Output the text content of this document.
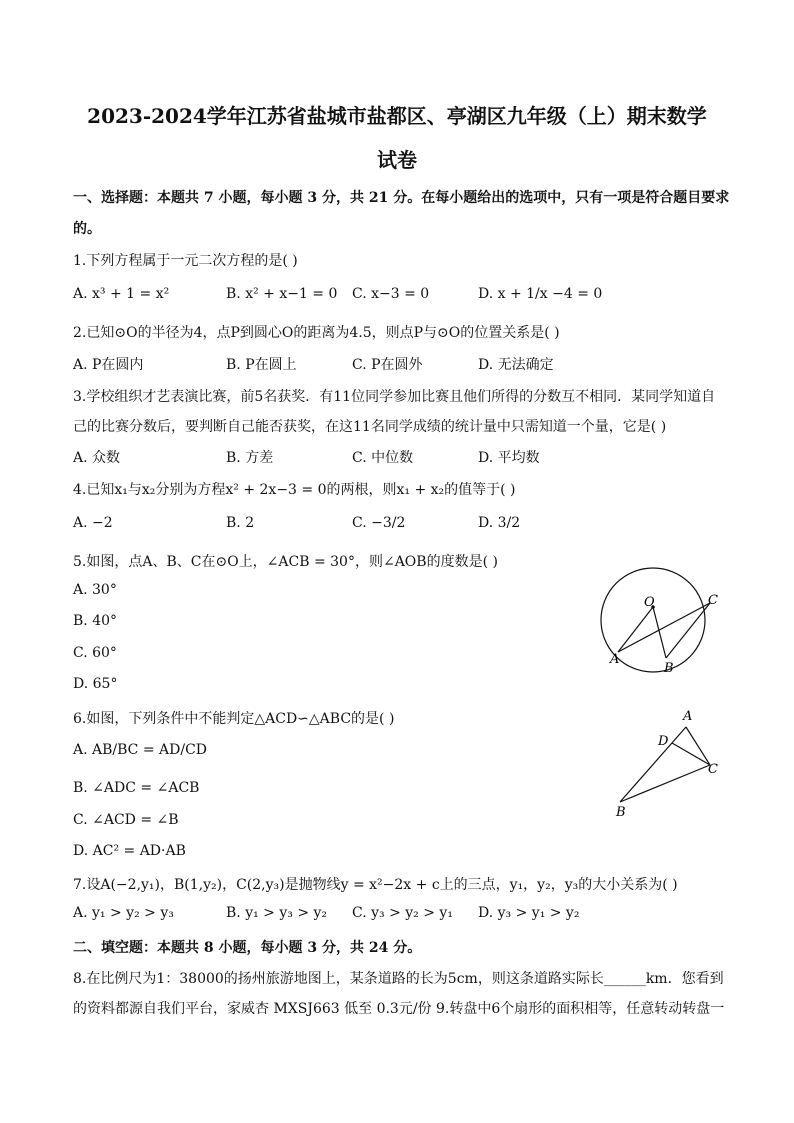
2023-2024学年江苏省盐城市盐都区、亭湖区九年级（上）期末数学
试卷
一、选择题：本题共 7 小题，每小题 3 分，共 21 分。在每小题给出的选项中，只有一项是符合题目要求
的。
1.下列方程属于一元二次方程的是( )
A. x³ + 1 = x²	B. x² + x−1 = 0 C. x−3 = 0	D. x + 1/x −4 = 0
2.已知⊙O的半径为4，点P到圆心O的距离为4.5，则点P与⊙O的位置关系是( )
A. P在圆内	B. P在圆上	C. P在圆外	D. 无法确定
3.学校组织才艺表演比赛，前5名获奖．有11位同学参加比赛且他们所得的分数互不相同．某同学知道自
己的比赛分数后，要判断自己能否获奖，在这11名同学成绩的统计量中只需知道一个量，它是( )
A. 众数	B. 方差	C. 中位数	D. 平均数
4.已知x₁与x₂分别为方程x² + 2x−3 = 0的两根，则x₁ + x₂的值等于( )
A. −2	B. 2	C. −3/2	D. 3/2
5.如图，点A、B、C在⊙O上，∠ACB = 30°，则∠AOB的度数是( )
A. 30°
B. 40°
C. 60°
D. 65°
O
A
B
C
6.如图，下列条件中不能判定△ACD∽△ABC的是( )
A. AB/BC = AD/CD
B. ∠ADC = ∠ACB
C. ∠ACD = ∠B
D. AC² = AD·AB
A
D
C
B
7.设A(−2,y₁)，B(1,y₂)，C(2,y₃)是抛物线y = x²−2x + c上的三点，y₁，y₂，y₃的大小关系为( )
A. y₁ > y₂ > y₃	B. y₁ > y₃ > y₂ C. y₃ > y₂ > y₁ D. y₃ > y₁ > y₂
二、填空题：本题共 8 小题，每小题 3 分，共 24 分。
8.在比例尺为1：38000的扬州旅游地图上，某条道路的长为5cm，则这条道路实际长______km．您看到
的资料都源自我们平台，家威杏 MXSJ663 低至 0.3元/份 9.转盘中6个扇形的面积相等，任意转动转盘一
